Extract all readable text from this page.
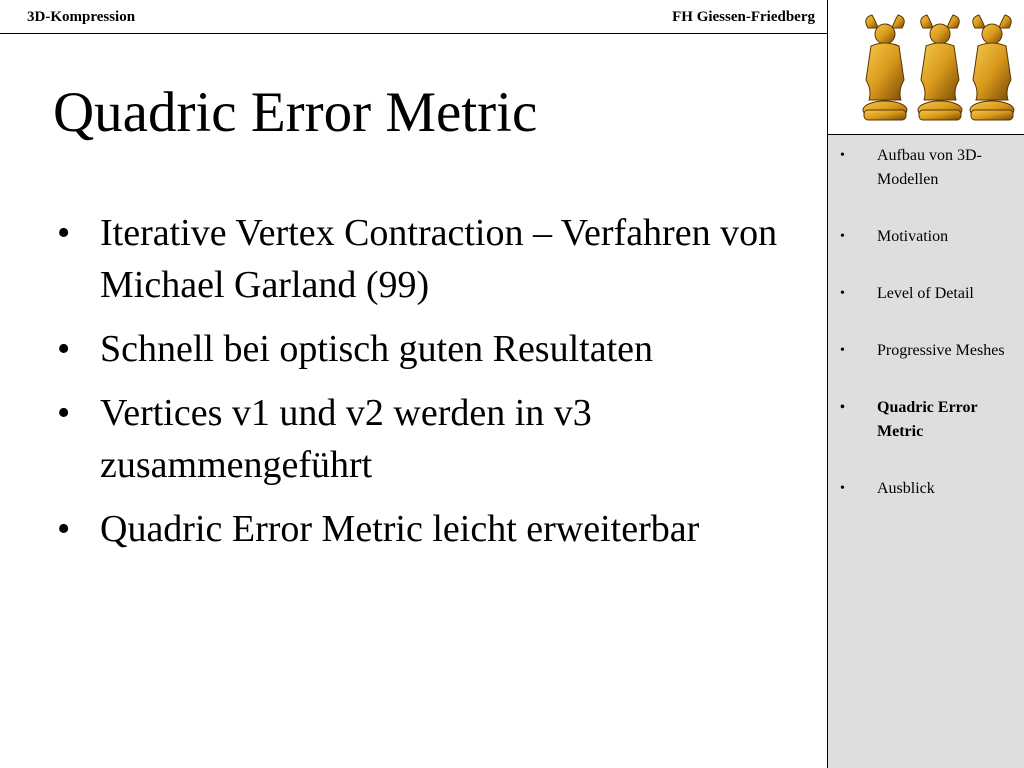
3D-Kompression	FH Giessen-Friedberg
Quadric Error Metric
• Iterative Vertex Contraction – Verfahren von Michael Garland (99)
• Schnell bei optisch guten Resultaten
• Vertices v1 und v2 werden in v3 zusammengeführt
• Quadric Error Metric leicht erweiterbar
• Aufbau von 3D-Modellen
• Motivation
• Level of Detail
• Progressive Meshes
• Quadric Error Metric
• Ausblick
